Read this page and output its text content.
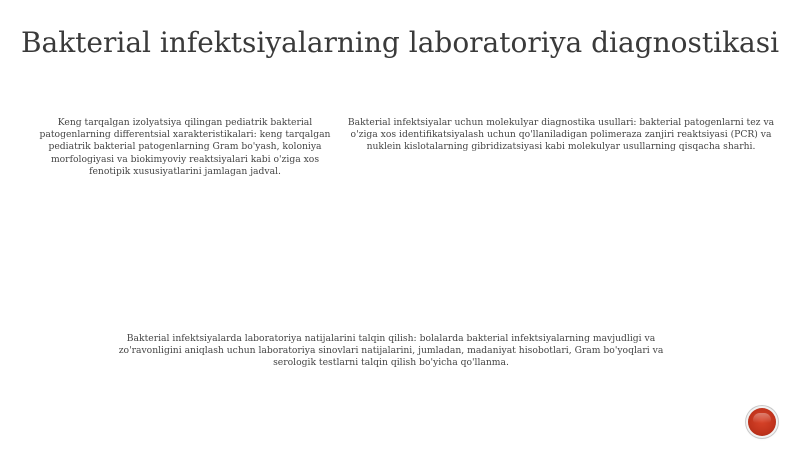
Bakterial infektsiyalarning laboratoriya diagnostikasi

Keng tarqalgan izolyatsiya qilingan pediatrik bakterial patogenlarning differentsial xarakteristikalari: keng tarqalgan pediatrik bakterial patogenlarning Gram bo'yash, koloniya morfologiyasi va biokimyoviy reaktsiyalari kabi o'ziga xos fenotipik xususiyatlarini jamlagan jadval.

Bakterial infektsiyalar uchun molekulyar diagnostika usullari: bakterial patogenlarni tez va o'ziga xos identifikatsiyalash uchun qo'llaniladigan polimeraza zanjiri reaktsiyasi (PCR) va nuklein kislotalarning gibridizatsiyasi kabi molekulyar usullarning qisqacha sharhi.

Bakterial infektsiyalarda laboratoriya natijalarini talqin qilish: bolalarda bakterial infektsiyalarning mavjudligi va zo'ravonligini aniqlash uchun laboratoriya sinovlari natijalarini, jumladan, madaniyat hisobotlari, Gram bo'yoqlari va serologik testlarni talqin qilish bo'yicha qo'llanma.
